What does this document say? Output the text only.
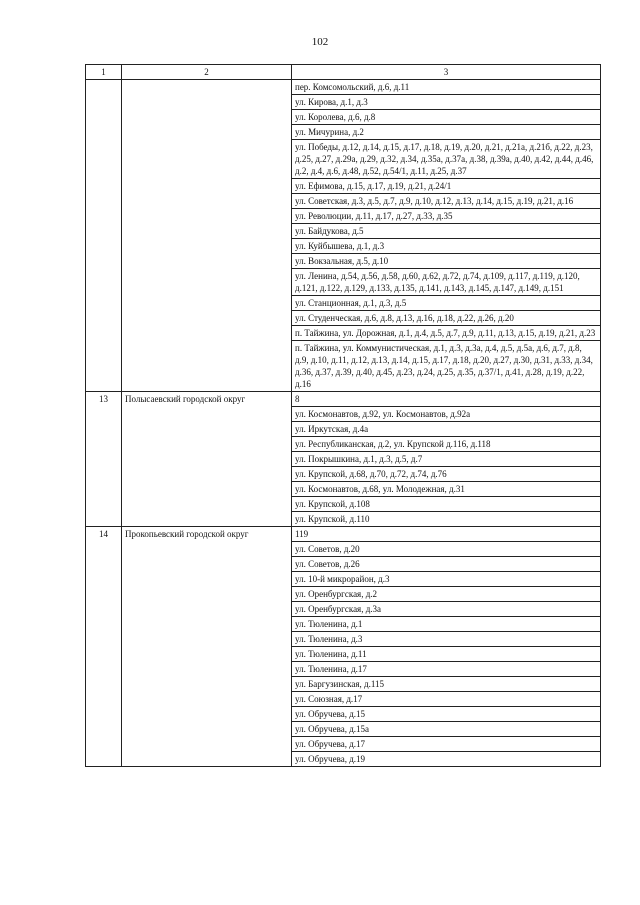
102
1	2	3
		пер. Комсомольский, д.6, д.11
		ул. Кирова, д.1, д.3
		ул. Королева, д.6, д.8
		ул. Мичурина, д.2
		ул. Победы, д.12, д.14, д.15, д.17, д.18, д.19, д.20, д.21, д.21а, д.21б, д.22, д.23, д.25, д.27, д.29а, д.29, д.32, д.34, д.35а, д.37а, д.38, д.39а, д.40, д.42, д.44, д.46, д.2, д.4, д.6, д.48, д.52, д.54/1, д.11, д.25, д.37
		ул. Ефимова, д.15, д.17, д.19, д.21, д.24/1
		ул. Советская, д.3, д.5, д.7, д.9, д.10, д.12, д.13, д.14, д.15, д.19, д.21, д.16
		ул. Революции, д.11, д.17, д.27, д.33, д.35
		ул. Байдукова, д.5
		ул. Куйбышева, д.1, д.3
		ул. Вокзальная, д.5, д.10
		ул. Ленина, д.54, д.56, д.58, д.60, д.62, д.72, д.74, д.109, д.117, д.119, д.120, д.121, д.122, д.129, д.133, д.135, д.141, д.143, д.145, д.147, д.149, д.151
		ул. Станционная, д.1, д.3, д.5
		ул. Студенческая, д.6, д.8, д.13, д.16, д.18, д.22, д.26, д.20
		п. Тайжина, ул. Дорожная, д.1, д.4, д.5, д.7, д.9, д.11, д.13, д.15, д.19, д.21, д.23
		п. Тайжина, ул. Коммунистическая, д.1, д.3, д.3а, д.4, д.5, д.5а, д.6, д.7, д.8, д.9, д.10, д.11, д.12, д.13, д.14, д.15, д.17, д.18, д.20, д.27, д.30, д.31, д.33, д.34, д.36, д.37, д.39, д.40, д.45, д.23, д.24, д.25, д.35, д.37/1, д.41, д.28, д.19, д.22, д.16
13	Полысаевский городской округ	8
		ул. Космонавтов, д.92, ул. Космонавтов, д.92а
		ул. Иркутская, д.4а
		ул. Республиканская, д.2, ул. Крупской д.116, д.118
		ул. Покрышкина, д.1, д.3, д.5, д.7
		ул. Крупской, д.68, д.70, д.72, д.74, д.76
		ул. Космонавтов, д.68, ул. Молодежная, д.31
		ул. Крупской, д.108
		ул. Крупской, д.110
14	Прокопьевский городской округ	119
		ул. Советов, д.20
		ул. Советов, д.26
		ул. 10-й микрорайон, д.3
		ул. Оренбургская, д.2
		ул. Оренбургская, д.3а
		ул. Тюленина, д.1
		ул. Тюленина, д.3
		ул. Тюленина, д.11
		ул. Тюленина, д.17
		ул. Баргузинская, д.115
		ул. Союзная, д.17
		ул. Обручева, д.15
		ул. Обручева, д.15а
		ул. Обручева, д.17
		ул. Обручева, д.19
